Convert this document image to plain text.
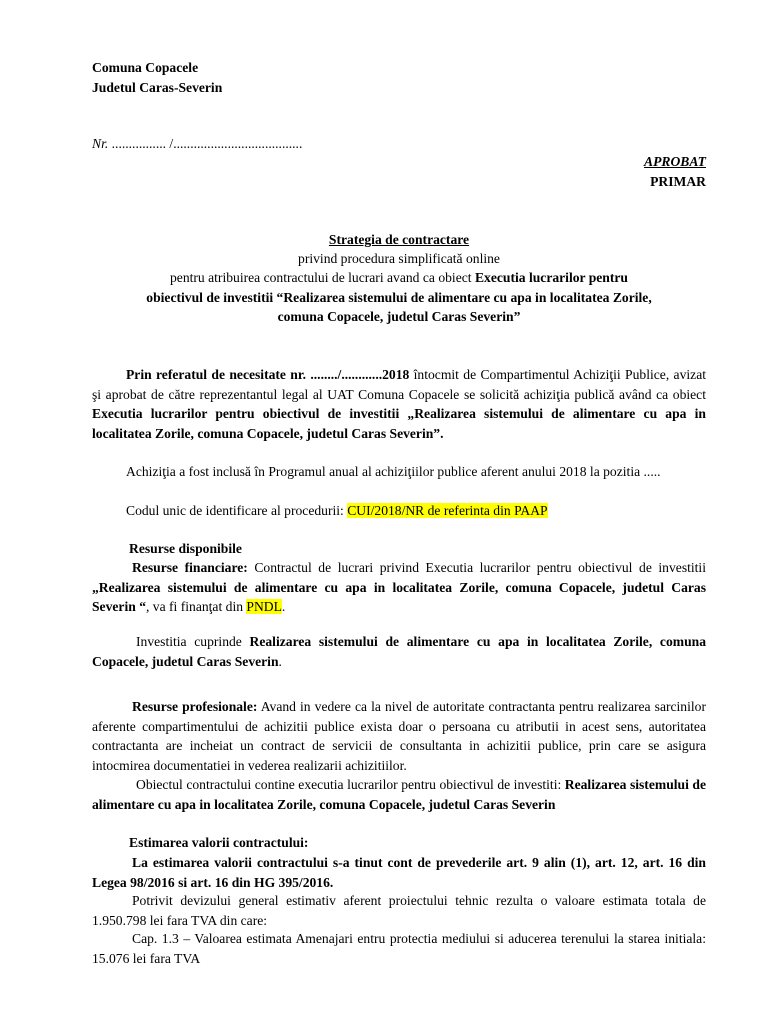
Comuna Copacele
Judetul Caras-Severin
Nr. ................ /......................................
APROBAT
PRIMAR
Strategia de contractare
privind procedura simplificată online
pentru atribuirea contractului de lucrari avand ca obiect Executia lucrarilor pentru
obiectivul de investitii “Realizarea sistemului de alimentare cu apa in localitatea Zorile,
comuna Copacele, judetul Caras Severin”
Prin referatul de necesitate nr. ......../............2018 întocmit de Compartimentul Achiziţii Publice, avizat şi aprobat de către reprezentantul legal al UAT Comuna Copacele se solicită achiziţia publică având ca obiect Executia lucrarilor pentru obiectivul de investitii „Realizarea sistemului de alimentare cu apa in localitatea Zorile, comuna Copacele, judetul Caras Severin”.
Achiziţia a fost inclusă în Programul anual al achiziţiilor publice aferent anului 2018 la pozitia .....
Codul unic de identificare al procedurii: CUI/2018/NR de referinta din PAAP
Resurse disponibile
Resurse financiare: Contractul de lucrari privind Executia lucrarilor pentru obiectivul de investitii „Realizarea sistemului de alimentare cu apa in localitatea Zorile, comuna Copacele, judetul Caras Severin “, va fi finanţat din PNDL.
Investitia cuprinde Realizarea sistemului de alimentare cu apa in localitatea Zorile, comuna Copacele, judetul Caras Severin.
Resurse profesionale: Avand in vedere ca la nivel de autoritate contractanta pentru realizarea sarcinilor aferente compartimentului de achizitii publice exista doar o persoana cu atributii in acest sens, autoritatea contractanta are incheiat un contract de servicii de consultanta in achizitii publice, prin care se asigura intocmirea documentatiei in vederea realizarii achizitiilor.
Obiectul contractului contine executia lucrarilor pentru obiectivul de investiti: Realizarea sistemului de alimentare cu apa in localitatea Zorile, comuna Copacele, judetul Caras Severin
Estimarea valorii contractului:
La estimarea valorii contractului s-a tinut cont de prevederile art. 9 alin (1), art. 12, art. 16 din Legea 98/2016 si art. 16 din HG 395/2016.
Potrivit devizului general estimativ aferent proiectului tehnic rezulta o valoare estimata totala de 1.950.798 lei fara TVA din care:
Cap. 1.3 – Valoarea estimata Amenajari entru protectia mediului si aducerea terenului la starea initiala: 15.076 lei fara TVA
